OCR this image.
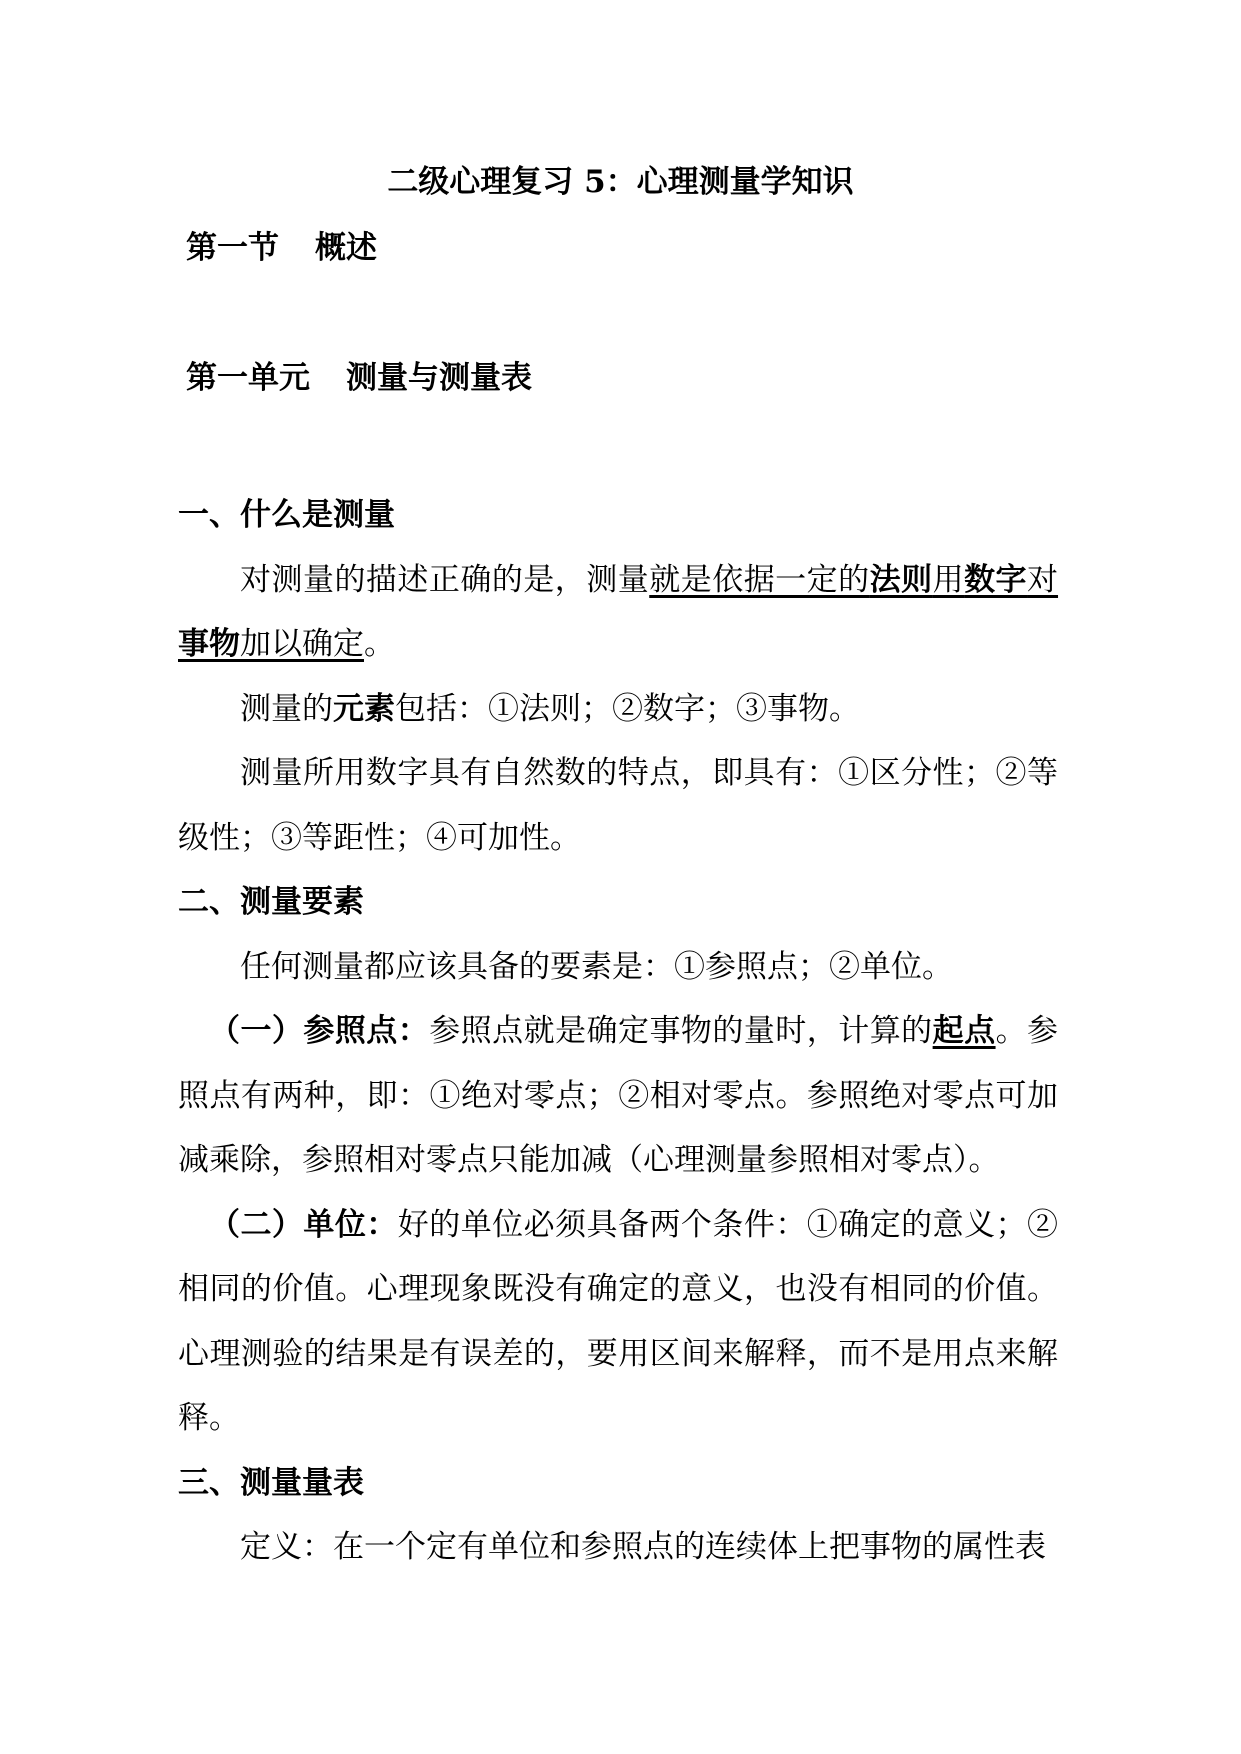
二级心理复习 5：心理测量学知识
第一节 概述
第一单元 测量与测量表

一、什么是测量

对测量的描述正确的是，测量就是依据一定的法则用数字对事物加以确定。

测量的元素包括：①法则；②数字；③事物。

测量所用数字具有自然数的特点，即具有：①区分性；②等级性；③等距性；④可加性。

二、测量要素

任何测量都应该具备的要素是：①参照点；②单位。

（一）参照点：参照点就是确定事物的量时，计算的起点。参照点有两种，即：①绝对零点；②相对零点。参照绝对零点可加减乘除，参照相对零点只能加减（心理测量参照相对零点）。

（二）单位：好的单位必须具备两个条件：①确定的意义；②相同的价值。心理现象既没有确定的意义，也没有相同的价值。心理测验的结果是有误差的，要用区间来解释，而不是用点来解释。

三、测量量表

定义：在一个定有单位和参照点的连续体上把事物的属性表
